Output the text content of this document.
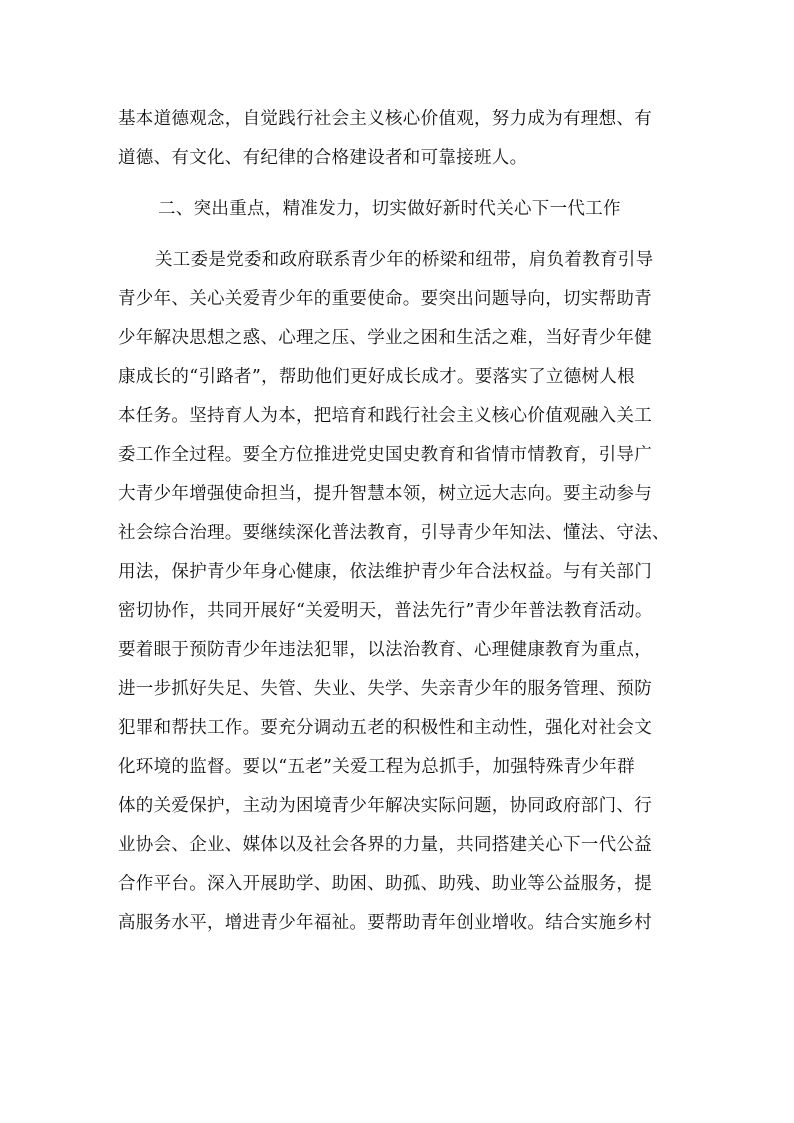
基本道德观念，自觉践行社会主义核心价值观，努力成为有理想、有
道德、有文化、有纪律的合格建设者和可靠接班人。
二、突出重点，精准发力，切实做好新时代关心下一代工作
关工委是党委和政府联系青少年的桥梁和纽带，肩负着教育引导
青少年、关心关爱青少年的重要使命。要突出问题导向，切实帮助青
少年解决思想之惑、心理之压、学业之困和生活之难，当好青少年健
康成长的“引路者”，帮助他们更好成长成才。要落实了立德树人根
本任务。坚持育人为本，把培育和践行社会主义核心价值观融入关工
委工作全过程。要全方位推进党史国史教育和省情市情教育，引导广
大青少年增强使命担当，提升智慧本领，树立远大志向。要主动参与
社会综合治理。要继续深化普法教育，引导青少年知法、懂法、守法、
用法，保护青少年身心健康，依法维护青少年合法权益。与有关部门
密切协作，共同开展好“关爱明天，普法先行”青少年普法教育活动。
要着眼于预防青少年违法犯罪，以法治教育、心理健康教育为重点，
进一步抓好失足、失管、失业、失学、失亲青少年的服务管理、预防
犯罪和帮扶工作。要充分调动五老的积极性和主动性，强化对社会文
化环境的监督。要以“五老”关爱工程为总抓手，加强特殊青少年群
体的关爱保护，主动为困境青少年解决实际问题，协同政府部门、行
业协会、企业、媒体以及社会各界的力量，共同搭建关心下一代公益
合作平台。深入开展助学、助困、助孤、助残、助业等公益服务，提
高服务水平，增进青少年福祉。要帮助青年创业增收。结合实施乡村
